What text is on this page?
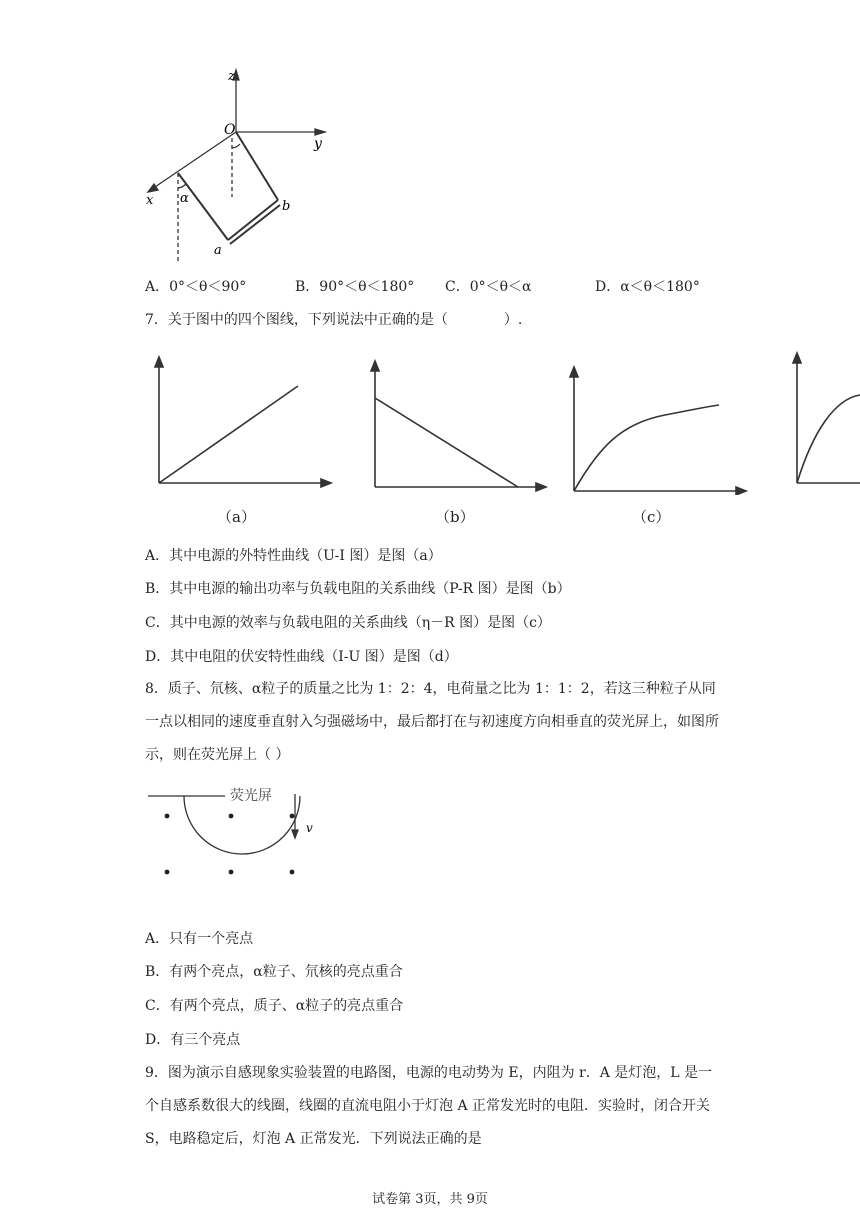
z
y
x
O
α
a
b
A．0°＜θ＜90°	B．90°＜θ＜180° C．0°＜θ＜α	D．α＜θ＜180°
7．关于图中的四个图线，下列说法中正确的是（　　　　）.
（a）	（b）	（c）
A．其中电源的外特性曲线（U-I 图）是图（a）
B．其中电源的输出功率与负载电阻的关系曲线（P-R 图）是图（b）
C．其中电源的效率与负载电阻的关系曲线（η－R 图）是图（c）
D．其中电阻的伏安特性曲线（I-U 图）是图（d）
8．质子、氘核、α粒子的质量之比为 1：2：4，电荷量之比为 1：1：2，若这三种粒子从同一点以相同的速度垂直射入匀强磁场中，最后都打在与初速度方向相垂直的荧光屏上，如图所示，则在荧光屏上（ ）
荧光屏
v
A．只有一个亮点
B．有两个亮点，α粒子、氘核的亮点重合
C．有两个亮点，质子、α粒子的亮点重合
D．有三个亮点
9．图为演示自感现象实验装置的电路图，电源的电动势为 E，内阻为 r．A 是灯泡，L 是一个自感系数很大的线圈，线圈的直流电阻小于灯泡 A 正常发光时的电阻．实验时，闭合开关 S，电路稳定后，灯泡 A 正常发光．下列说法正确的是
试卷第 3页，共 9页
